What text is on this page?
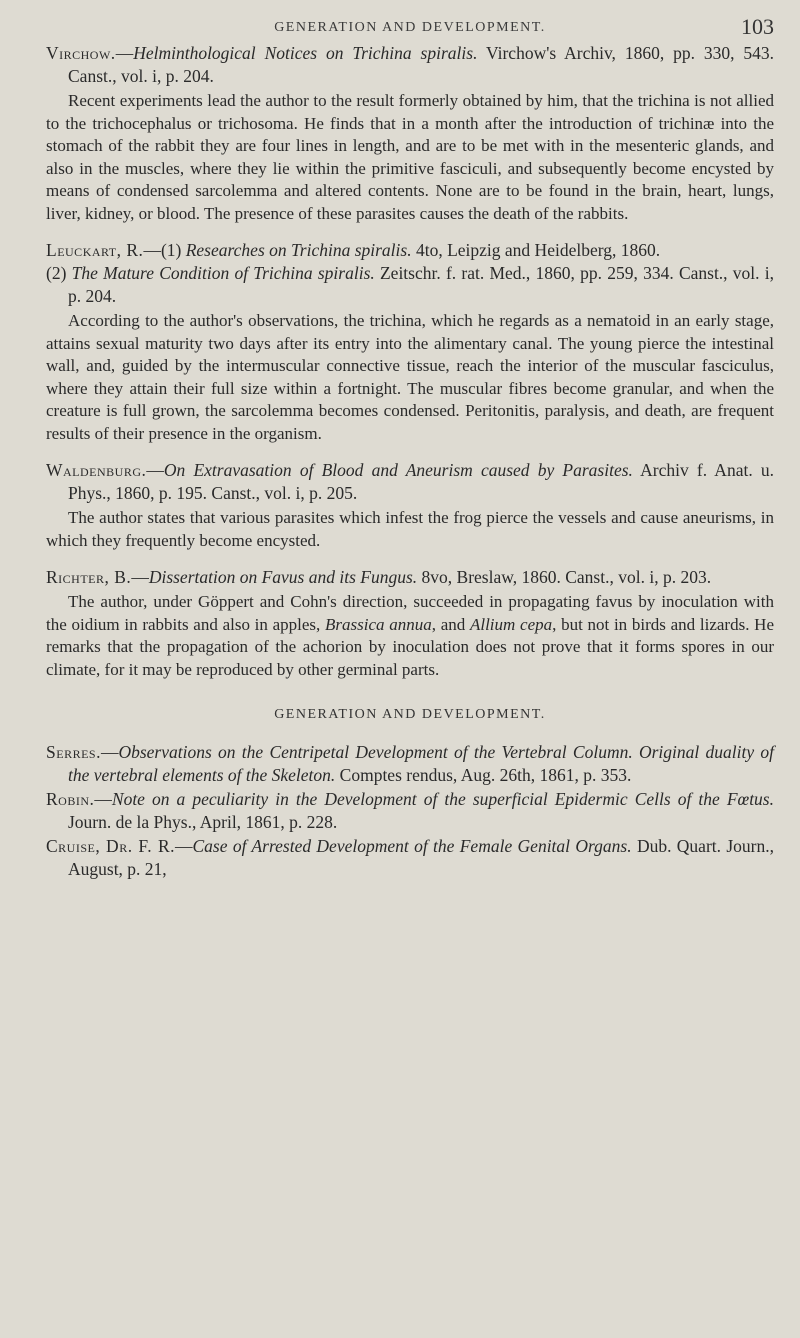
GENERATION AND DEVELOPMENT.	103

Virchow.—Helminthological Notices on Trichina spiralis. Virchow's Archiv, 1860, pp. 330, 543. Canst., vol. i, p. 204.

Recent experiments lead the author to the result formerly obtained by him, that the trichina is not allied to the trichocephalus or trichosoma. He finds that in a month after the introduction of trichinæ into the stomach of the rabbit they are four lines in length, and are to be met with in the mesenteric glands, and also in the muscles, where they lie within the primitive fasciculi, and subsequently become encysted by means of condensed sarcolemma and altered contents. None are to be found in the brain, heart, lungs, liver, kidney, or blood. The presence of these parasites causes the death of the rabbits.

Leuckart, R.—(1) Researches on Trichina spiralis. 4to, Leipzig and Heidelberg, 1860.

(2) The Mature Condition of Trichina spiralis. Zeitschr. f. rat. Med., 1860, pp. 259, 334. Canst., vol. i, p. 204.

According to the author's observations, the trichina, which he regards as a nematoid in an early stage, attains sexual maturity two days after its entry into the alimentary canal. The young pierce the intestinal wall, and, guided by the intermuscular connective tissue, reach the interior of the muscular fasciculus, where they attain their full size within a fortnight. The muscular fibres become granular, and when the creature is full grown, the sarcolemma becomes condensed. Peritonitis, paralysis, and death, are frequent results of their presence in the organism.

Waldenburg.—On Extravasation of Blood and Aneurism caused by Parasites. Archiv f. Anat. u. Phys., 1860, p. 195. Canst., vol. i, p. 205.

The author states that various parasites which infest the frog pierce the vessels and cause aneurisms, in which they frequently become encysted.

Richter, B.—Dissertation on Favus and its Fungus. 8vo, Breslaw, 1860. Canst., vol. i, p. 203.

The author, under Göppert and Cohn's direction, succeeded in propagating favus by inoculation with the oidium in rabbits and also in apples, Brassica annua, and Allium cepa, but not in birds and lizards. He remarks that the propagation of the achorion by inoculation does not prove that it forms spores in our climate, for it may be reproduced by other germinal parts.

GENERATION AND DEVELOPMENT.

Serres.—Observations on the Centripetal Development of the Vertebral Column. Original duality of the vertebral elements of the Skeleton. Comptes rendus, Aug. 26th, 1861, p. 353.

Robin.—Note on a peculiarity in the Development of the superficial Epidermic Cells of the Fœtus. Journ. de la Phys., April, 1861, p. 228.

Cruise, Dr. F. R.—Case of Arrested Development of the Female Genital Organs. Dub. Quart. Journ., August, p. 21,
